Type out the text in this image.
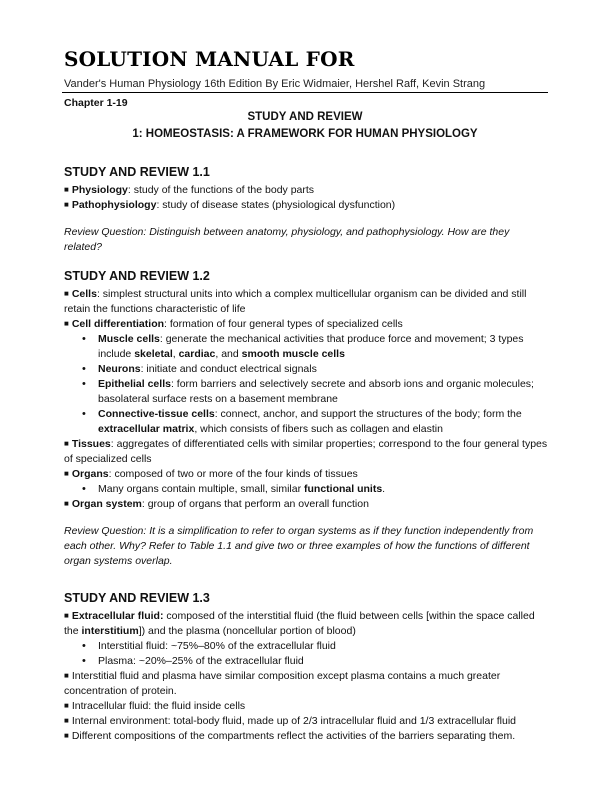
SOLUTION MANUAL FOR
Vander's Human Physiology 16th Edition By Eric Widmaier, Hershel Raff, Kevin Strang
Chapter 1-19
STUDY AND REVIEW
1: HOMEOSTASIS: A FRAMEWORK FOR HUMAN PHYSIOLOGY
STUDY AND REVIEW 1.1

■ Physiology: study of the functions of the body parts

■ Pathophysiology: study of disease states (physiological dysfunction)

Review Question: Distinguish between anatomy, physiology, and pathophysiology. How are they related?

STUDY AND REVIEW 1.2

■ Cells: simplest structural units into which a complex multicellular organism can be divided and still retain the functions characteristic of life

■ Cell differentiation: formation of four general types of specialized cells

• Muscle cells: generate the mechanical activities that produce force and movement; 3 types include skeletal, cardiac, and smooth muscle cells
• Neurons: initiate and conduct electrical signals
• Epithelial cells: form barriers and selectively secrete and absorb ions and organic molecules; basolateral surface rests on a basement membrane
• Connective-tissue cells: connect, anchor, and support the structures of the body; form the extracellular matrix, which consists of fibers such as collagen and elastin

■ Tissues: aggregates of differentiated cells with similar properties; correspond to the four general types of specialized cells

■ Organs: composed of two or more of the four kinds of tissues

• Many organs contain multiple, small, similar functional units.

■ Organ system: group of organs that perform an overall function

Review Question: It is a simplification to refer to organ systems as if they function independently from each other. Why? Refer to Table 1.1 and give two or three examples of how the functions of different organ systems overlap.

STUDY AND REVIEW 1.3

■ Extracellular fluid: composed of the interstitial fluid (the fluid between cells [within the space called the interstitium]) and the plasma (noncellular portion of blood)

• Interstitial fluid: ~75%–80% of the extracellular fluid
• Plasma: ~20%–25% of the extracellular fluid

■ Interstitial fluid and plasma have similar composition except plasma contains a much greater concentration of protein.

■ Intracellular fluid: the fluid inside cells

■ Internal environment: total-body fluid, made up of 2/3 intracellular fluid and 1/3 extracellular fluid

■ Different compositions of the compartments reflect the activities of the barriers separating them.
